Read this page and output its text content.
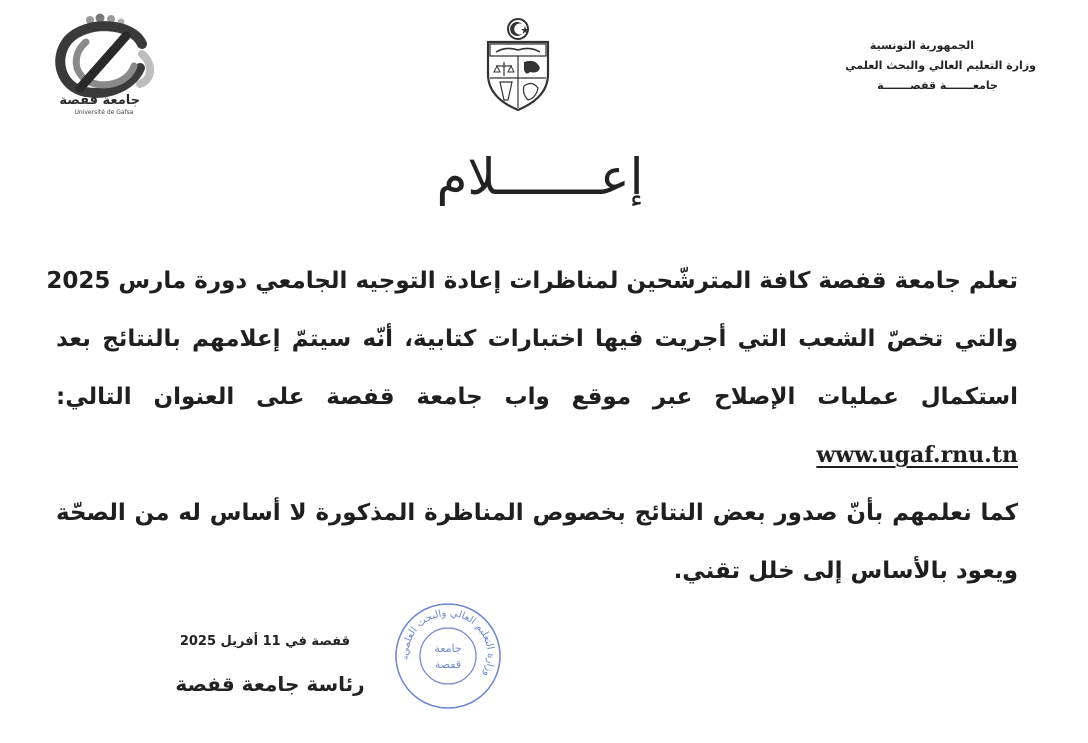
جامعة قفصة
Université de Gafsa
الجمهورية التونسية
وزارة التعليم العالي والبحث العلمي
جامعـــــــة قفصـــــــة
إعـــــــلام

تعلم جامعة قفصة كافة المترشّحين لمناظرات إعادة التوجيه الجامعي دورة مارس 2025

والتي تخصّ الشعب التي أجريت فيها اختبارات كتابية، أنّه سيتمّ إعلامهم بالنتائج بعد

استكمال عمليات الإصلاح عبر موقع واب جامعة قفصة على العنوان التالي:

www.ugaf.rnu.tn

كما نعلمهم بأنّ صدور بعض النتائج بخصوص المناظرة المذكورة لا أساس له من الصحّة

ويعود بالأساس إلى خلل تقني.

قفصة في 11 أفريل 2025
رئاسة جامعة قفصة
وزارة التعليم العالي والبحث العلمي
جامعة
قفصة
*
